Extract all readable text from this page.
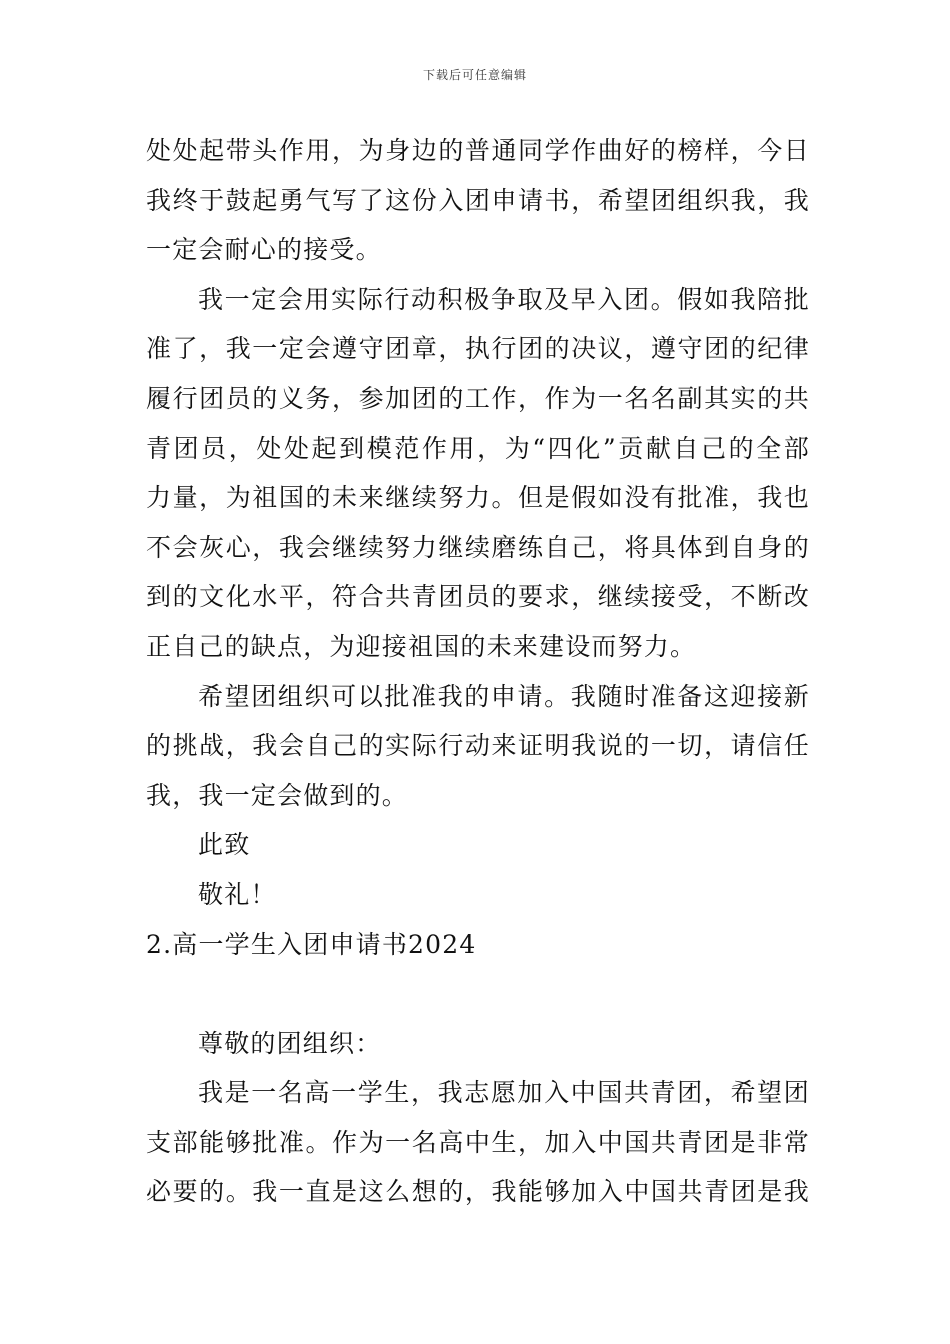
下载后可任意编辑
处处起带头作用，为身边的普通同学作曲好的榜样，今日
我终于鼓起勇气写了这份入团申请书，希望团组织我，我
一定会耐心的接受。
我一定会用实际行动积极争取及早入团。假如我陪批
准了，我一定会遵守团章，执行团的决议，遵守团的纪律
履行团员的义务，参加团的工作，作为一名名副其实的共
青团员，处处起到模范作用，为“四化”贡献自己的全部
力量，为祖国的未来继续努力。但是假如没有批准，我也
不会灰心，我会继续努力继续磨练自己，将具体到自身的
到的文化水平，符合共青团员的要求，继续接受，不断改
正自己的缺点，为迎接祖国的未来建设而努力。
希望团组织可以批准我的申请。我随时准备这迎接新
的挑战，我会自己的实际行动来证明我说的一切，请信任
我，我一定会做到的。
此致
敬礼！
2.高一学生入团申请书2024
尊敬的团组织：
我是一名高一学生，我志愿加入中国共青团，希望团
支部能够批准。作为一名高中生，加入中国共青团是非常
必要的。我一直是这么想的，我能够加入中国共青团是我
